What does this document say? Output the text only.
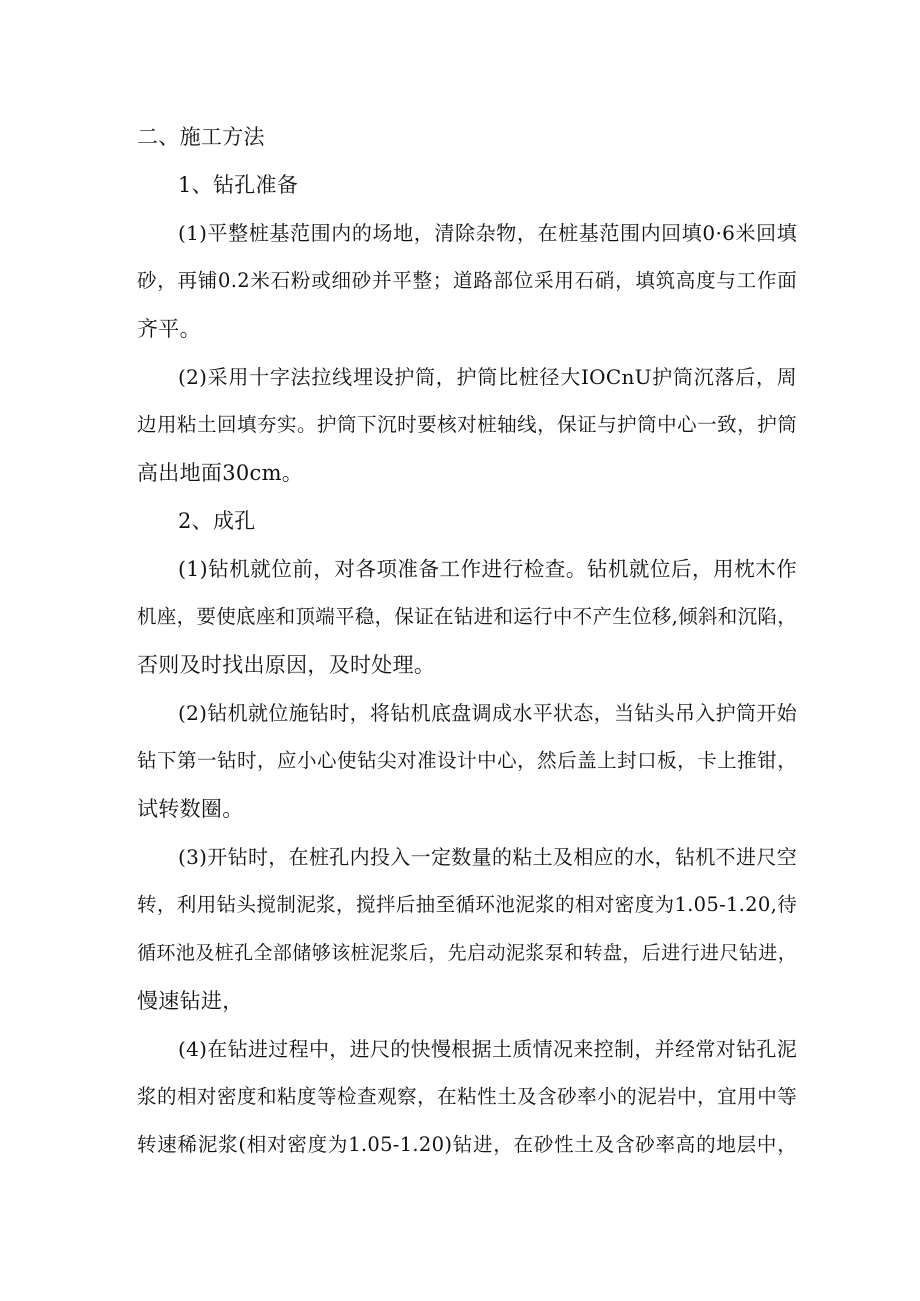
二、施工方法
1、钻孔准备
(1)平整桩基范围内的场地，清除杂物，在桩基范围内回填0·6米回填
砂，再铺0.2米石粉或细砂并平整；道路部位采用石硝，填筑高度与工作面
齐平。
(2)采用十字法拉线埋设护筒，护筒比桩径大IOCnU护筒沉落后，周
边用粘土回填夯实。护筒下沉时要核对桩轴线，保证与护筒中心一致，护筒
高出地面30cm。
2、成孔
(1)钻机就位前，对各项准备工作进行检查。钻机就位后，用枕木作
机座，要使底座和顶端平稳，保证在钻进和运行中不产生位移,倾斜和沉陷，
否则及时找出原因，及时处理。
(2)钻机就位施钻时，将钻机底盘调成水平状态，当钻头吊入护筒开始
钻下第一钻时，应小心使钻尖对准设计中心，然后盖上封口板，卡上推钳，
试转数圈。
(3)开钻时，在桩孔内投入一定数量的粘土及相应的水，钻机不进尺空
转，利用钻头搅制泥浆，搅拌后抽至循环池泥浆的相对密度为1.05-1.20,待
循环池及桩孔全部储够该桩泥浆后，先启动泥浆泵和转盘，后进行进尺钻进，
慢速钻进，
(4)在钻进过程中，进尺的快慢根据土质情况来控制，并经常对钻孔泥
浆的相对密度和粘度等检查观察，在粘性土及含砂率小的泥岩中，宜用中等
转速稀泥浆(相对密度为1.05-1.20)钻进，在砂性土及含砂率高的地层中，
